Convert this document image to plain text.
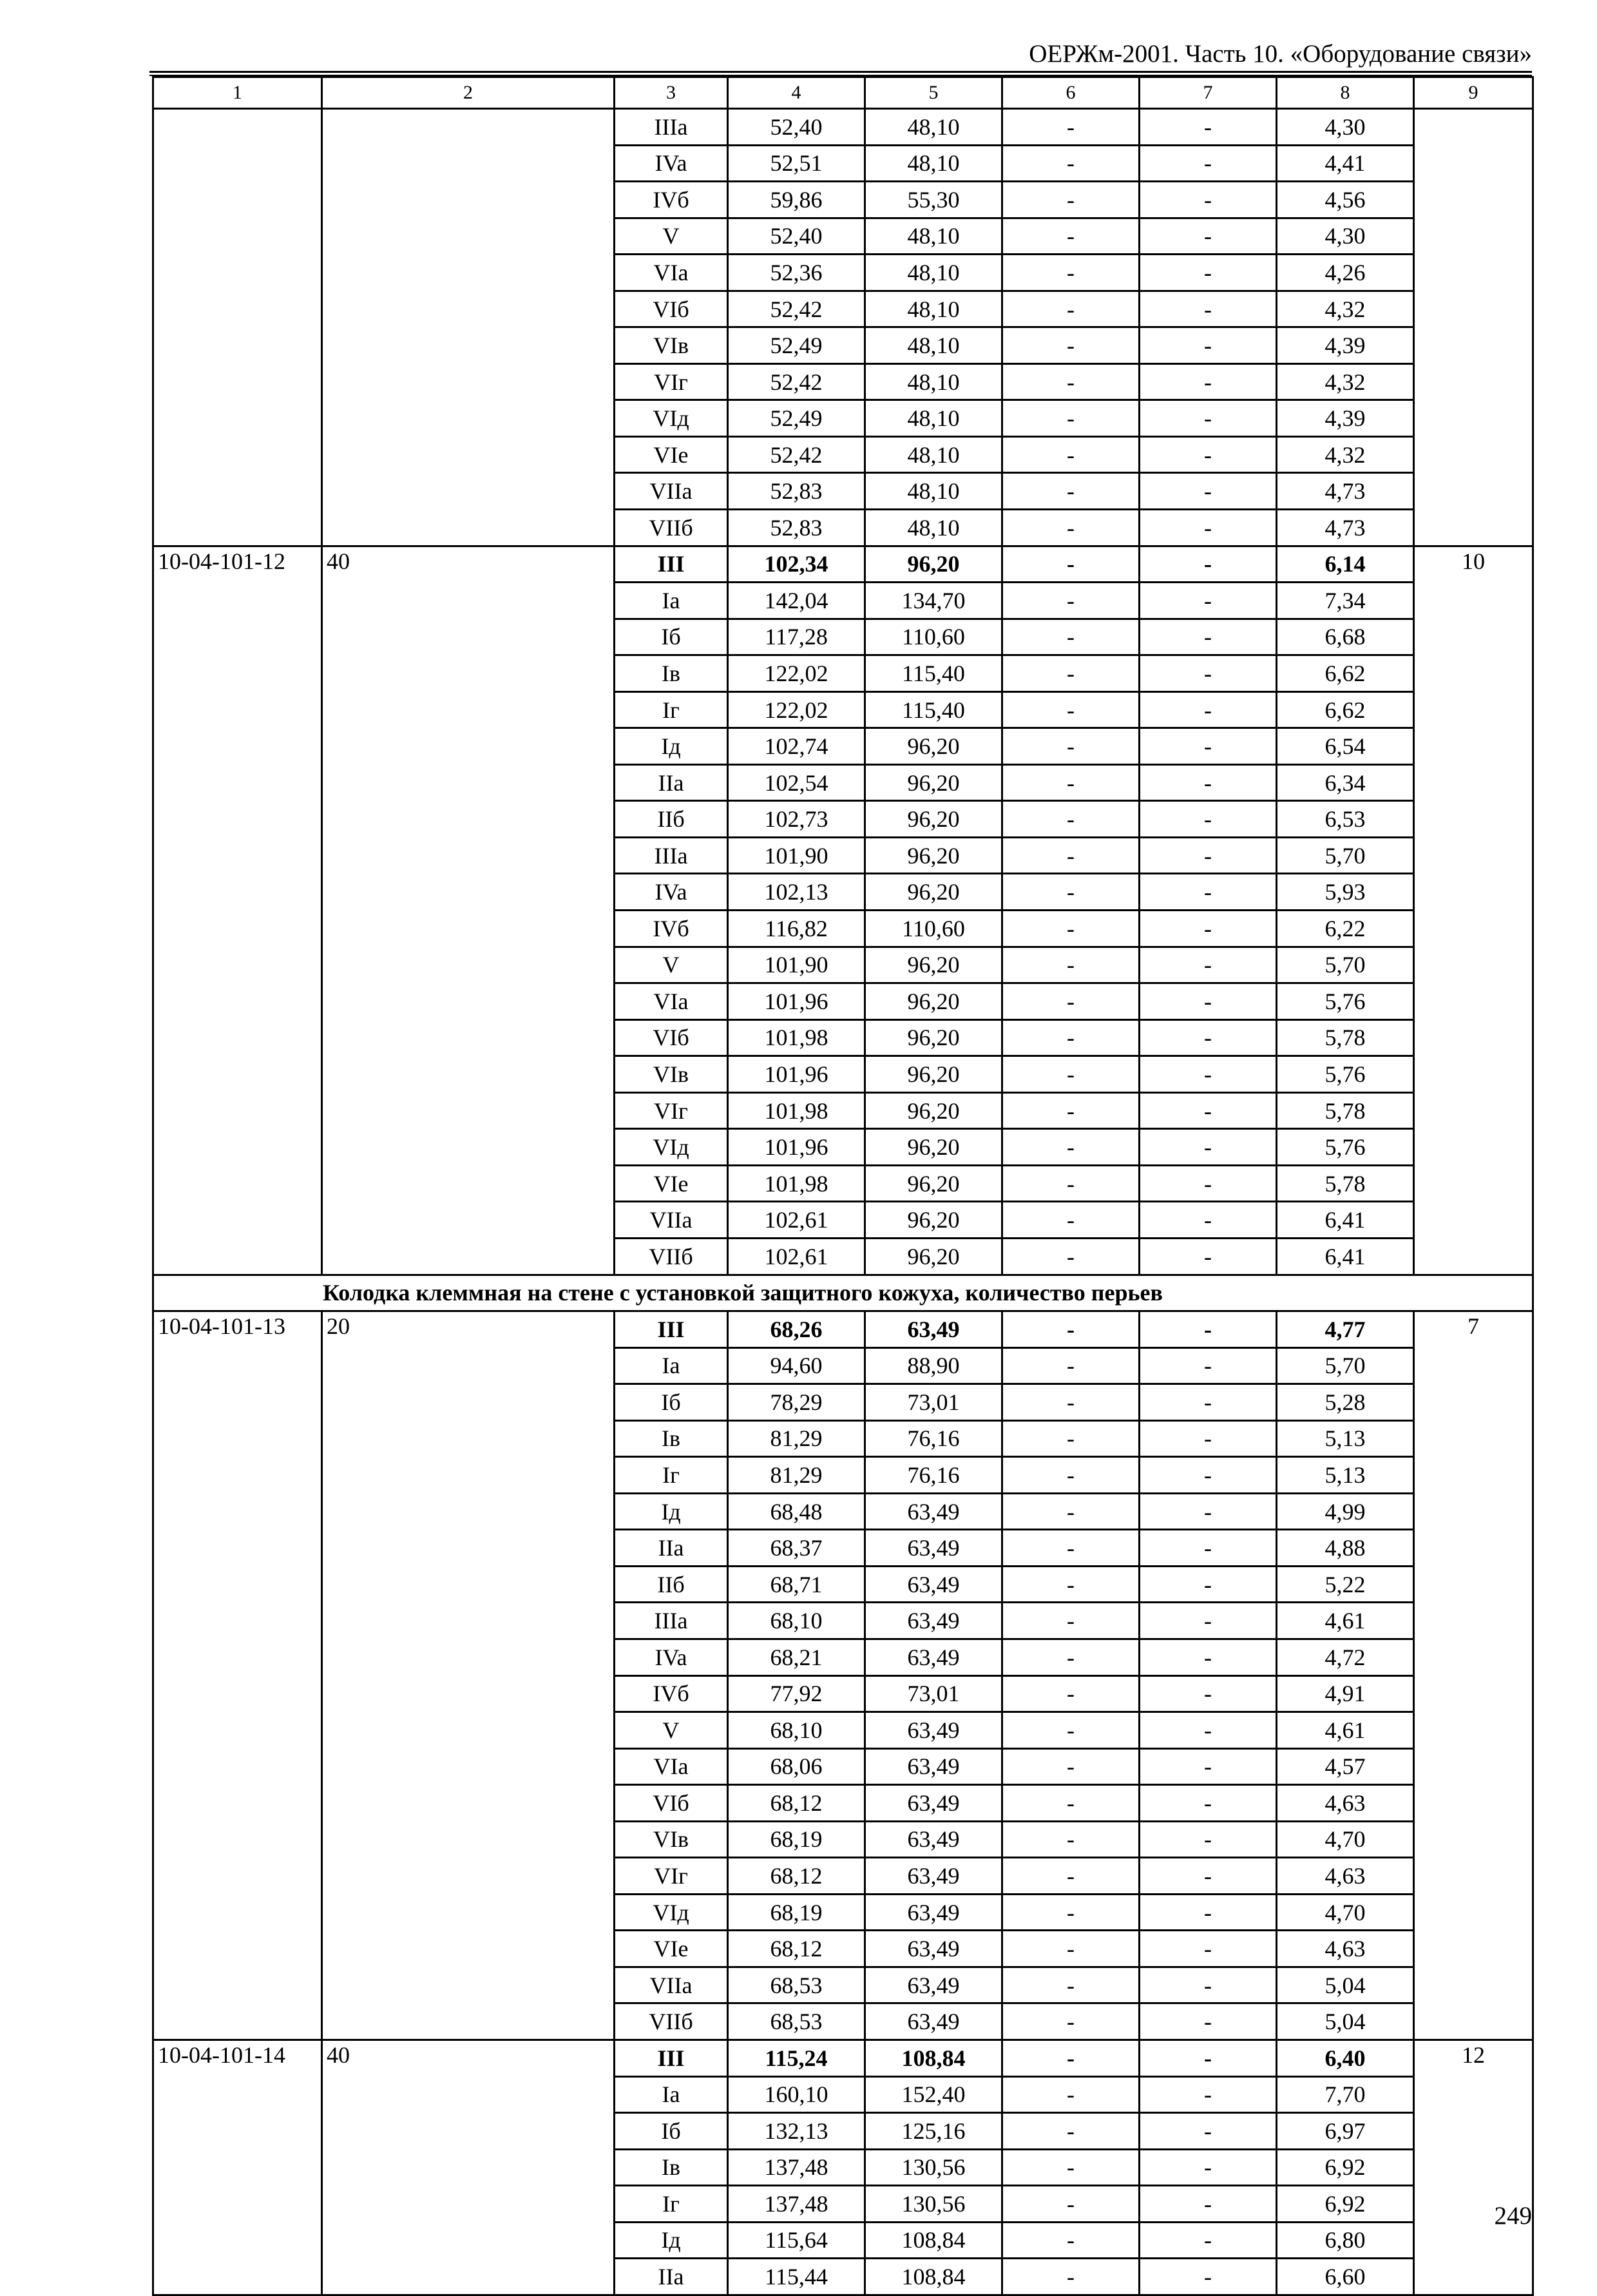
ОЕРЖм-2001. Часть 10. «Оборудование связи»
1	2	3	4	5	6	7	8	9
		IIIa	52,40	48,10	-	-	4,30	
		IVa	52,51	48,10	-	-	4,41	
		IVб	59,86	55,30	-	-	4,56	
		V	52,40	48,10	-	-	4,30	
		VIa	52,36	48,10	-	-	4,26	
		VIб	52,42	48,10	-	-	4,32	
		VIв	52,49	48,10	-	-	4,39	
		VIг	52,42	48,10	-	-	4,32	
		VIд	52,49	48,10	-	-	4,39	
		VIe	52,42	48,10	-	-	4,32	
		VIIa	52,83	48,10	-	-	4,73	
		VIIб	52,83	48,10	-	-	4,73	
10-04-101-12	40	III	102,34	96,20	-	-	6,14	10
		Ia	142,04	134,70	-	-	7,34	
		Iб	117,28	110,60	-	-	6,68	
		Iв	122,02	115,40	-	-	6,62	
		Iг	122,02	115,40	-	-	6,62	
		Iд	102,74	96,20	-	-	6,54	
		IIa	102,54	96,20	-	-	6,34	
		IIб	102,73	96,20	-	-	6,53	
		IIIa	101,90	96,20	-	-	5,70	
		IVa	102,13	96,20	-	-	5,93	
		IVб	116,82	110,60	-	-	6,22	
		V	101,90	96,20	-	-	5,70	
		VIa	101,96	96,20	-	-	5,76	
		VIб	101,98	96,20	-	-	5,78	
		VIв	101,96	96,20	-	-	5,76	
		VIг	101,98	96,20	-	-	5,78	
		VIд	101,96	96,20	-	-	5,76	
		VIe	101,98	96,20	-	-	5,78	
		VIIa	102,61	96,20	-	-	6,41	
		VIIб	102,61	96,20	-	-	6,41	
Колодка клеммная на стене с установкой защитного кожуха, количество перьев								
10-04-101-13	20	III	68,26	63,49	-	-	4,77	7
		Ia	94,60	88,90	-	-	5,70	
		Iб	78,29	73,01	-	-	5,28	
		Iв	81,29	76,16	-	-	5,13	
		Iг	81,29	76,16	-	-	5,13	
		Iд	68,48	63,49	-	-	4,99	
		IIa	68,37	63,49	-	-	4,88	
		IIб	68,71	63,49	-	-	5,22	
		IIIa	68,10	63,49	-	-	4,61	
		IVa	68,21	63,49	-	-	4,72	
		IVб	77,92	73,01	-	-	4,91	
		V	68,10	63,49	-	-	4,61	
		VIa	68,06	63,49	-	-	4,57	
		VIб	68,12	63,49	-	-	4,63	
		VIв	68,19	63,49	-	-	4,70	
		VIг	68,12	63,49	-	-	4,63	
		VIд	68,19	63,49	-	-	4,70	
		VIe	68,12	63,49	-	-	4,63	
		VIIa	68,53	63,49	-	-	5,04	
		VIIб	68,53	63,49	-	-	5,04	
10-04-101-14	40	III	115,24	108,84	-	-	6,40	12
		Ia	160,10	152,40	-	-	7,70	
		Iб	132,13	125,16	-	-	6,97	
		Iв	137,48	130,56	-	-	6,92	
		Iг	137,48	130,56	-	-	6,92	
		Iд	115,64	108,84	-	-	6,80	
		IIa	115,44	108,84	-	-	6,60	
249
